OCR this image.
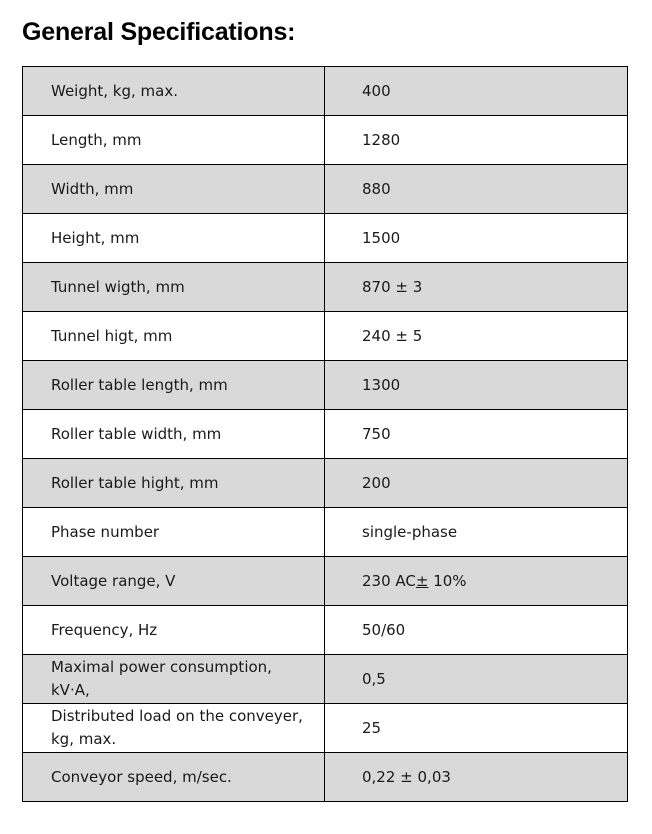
General Specifications:
Weight, kg, max.	400
Length, mm	1280
Width, mm	880
Height, mm	1500
Tunnel wigth, mm	870 ± 3
Tunnel higt, mm	240 ± 5
Roller table length, mm	1300
Roller table width, mm	750
Roller table hight, mm	200
Phase number	single-phase
Voltage range, V	230 AC± 10%
Frequency, Hz	50/60
Maximal power consumption,
kV·A,	0,5
Distributed load on the conveyer,
kg, max.	25
Conveyor speed, m/sec.	0,22 ± 0,03
